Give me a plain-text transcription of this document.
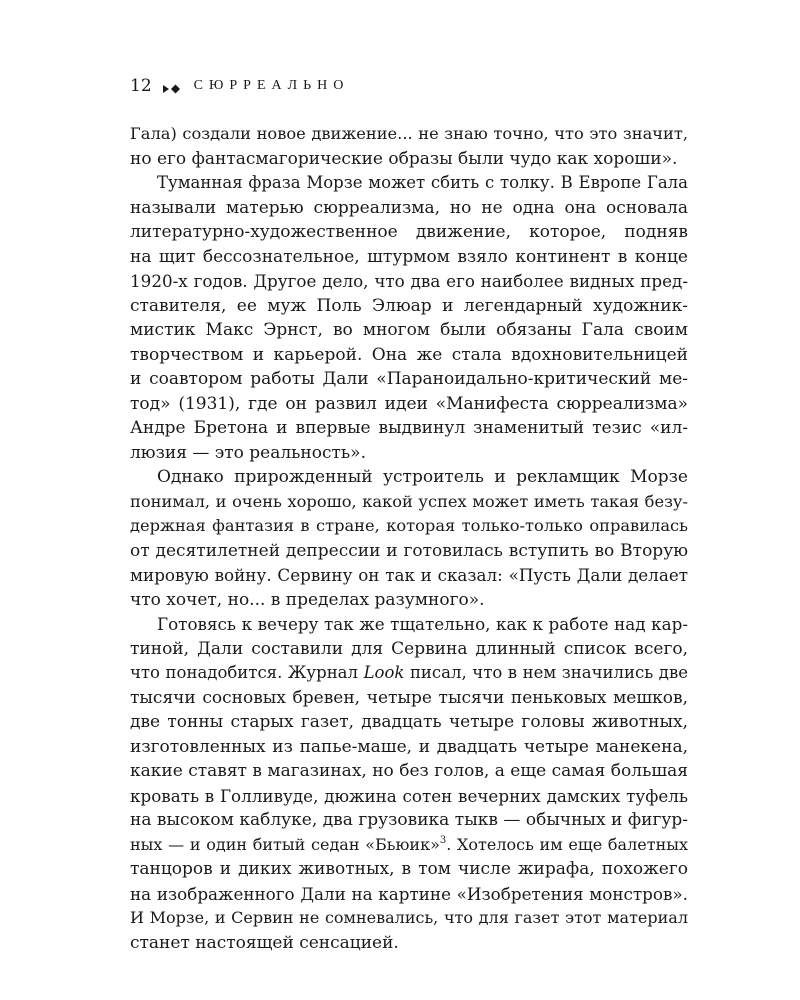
12	СЮРРЕАЛЬНО
Гала) создали новое движение... не знаю точно, что это значит,
но его фантасмагорические образы были чудо как хороши».
Туманная фраза Морзе может сбить с толку. В Европе Гала
называли матерью сюрреализма, но не одна она основала
литературно-художественное движение, которое, подняв
на щит бессознательное, штурмом взяло континент в конце
1920-х годов. Другое дело, что два его наиболее видных пред-
ставителя, ее муж Поль Элюар и легендарный художник-
мистик Макс Эрнст, во многом были обязаны Гала своим
творчеством и карьерой. Она же стала вдохновительницей
и соавтором работы Дали «Параноидально-критический ме-
тод» (1931), где он развил идеи «Манифеста сюрреализма»
Андре Бретона и впервые выдвинул знаменитый тезис «ил-
люзия — это реальность».
Однако прирожденный устроитель и рекламщик Морзе
понимал, и очень хорошо, какой успех может иметь такая безу-
держная фантазия в стране, которая только-только оправилась
от десятилетней депрессии и готовилась вступить во Вторую
мировую войну. Сервину он так и сказал: «Пусть Дали делает
что хочет, но... в пределах разумного».
Готовясь к вечеру так же тщательно, как к работе над кар-
тиной, Дали составили для Сервина длинный список всего,
что понадобится. Журнал Look писал, что в нем значились две
тысячи сосновых бревен, четыре тысячи пеньковых мешков,
две тонны старых газет, двадцать четыре головы животных,
изготовленных из папье-маше, и двадцать четыре манекена,
какие ставят в магазинах, но без голов, а еще самая большая
кровать в Голливуде, дюжина сотен вечерних дамских туфель
на высоком каблуке, два грузовика тыкв — обычных и фигур-
ных — и один битый седан «Бьюик»$^3$. Хотелось им еще балетных
танцоров и диких животных, в том числе жирафа, похожего
на изображенного Дали на картине «Изобретения монстров».
И Морзе, и Сервин не сомневались, что для газет этот материал
станет настоящей сенсацией.
